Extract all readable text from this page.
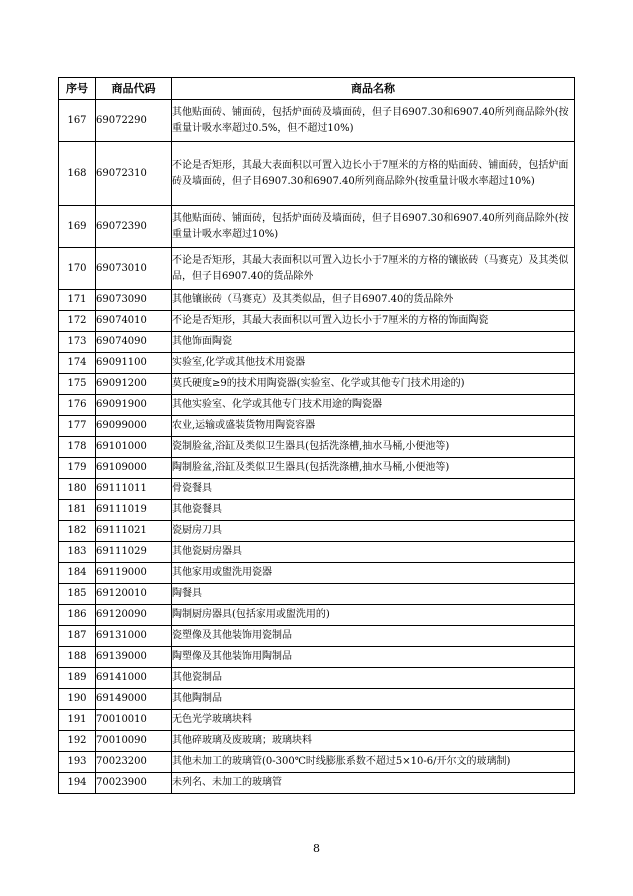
序号	商品代码	商品名称
167	69072290	其他贴面砖、铺面砖，包括炉面砖及墙面砖，但子目6907.30和6907.40所列商品除外(按重量计吸水率超过0.5%，但不超过10%)
168	69072310	不论是否矩形，其最大表面积以可置入边长小于7厘米的方格的贴面砖、铺面砖，包括炉面砖及墙面砖，但子目6907.30和6907.40所列商品除外(按重量计吸水率超过10%)
169	69072390	其他贴面砖、铺面砖，包括炉面砖及墙面砖，但子目6907.30和6907.40所列商品除外(按重量计吸水率超过10%)
170	69073010	不论是否矩形，其最大表面积以可置入边长小于7厘米的方格的镶嵌砖（马赛克）及其类似品，但子目6907.40的货品除外
171	69073090	其他镶嵌砖（马赛克）及其类似品，但子目6907.40的货品除外
172	69074010	不论是否矩形，其最大表面积以可置入边长小于7厘米的方格的饰面陶瓷
173	69074090	其他饰面陶瓷
174	69091100	实验室,化学或其他技术用瓷器
175	69091200	莫氏硬度≥9的技术用陶瓷器(实验室、化学或其他专门技术用途的)
176	69091900	其他实验室、化学或其他专门技术用途的陶瓷器
177	69099000	农业,运输或盛装货物用陶瓷容器
178	69101000	瓷制脸盆,浴缸及类似卫生器具(包括洗涤槽,抽水马桶,小便池等)
179	69109000	陶制脸盆,浴缸及类似卫生器具(包括洗涤槽,抽水马桶,小便池等)
180	69111011	骨瓷餐具
181	69111019	其他瓷餐具
182	69111021	瓷厨房刀具
183	69111029	其他瓷厨房器具
184	69119000	其他家用或盥洗用瓷器
185	69120010	陶餐具
186	69120090	陶制厨房器具(包括家用或盥洗用的)
187	69131000	瓷塑像及其他装饰用瓷制品
188	69139000	陶塑像及其他装饰用陶制品
189	69141000	其他瓷制品
190	69149000	其他陶制品
191	70010010	无色光学玻璃块料
192	70010090	其他碎玻璃及废玻璃；玻璃块料
193	70023200	其他未加工的玻璃管(0-300℃时线膨胀系数不超过5×10-6/开尔文的玻璃制)
194	70023900	未列名、未加工的玻璃管
8
